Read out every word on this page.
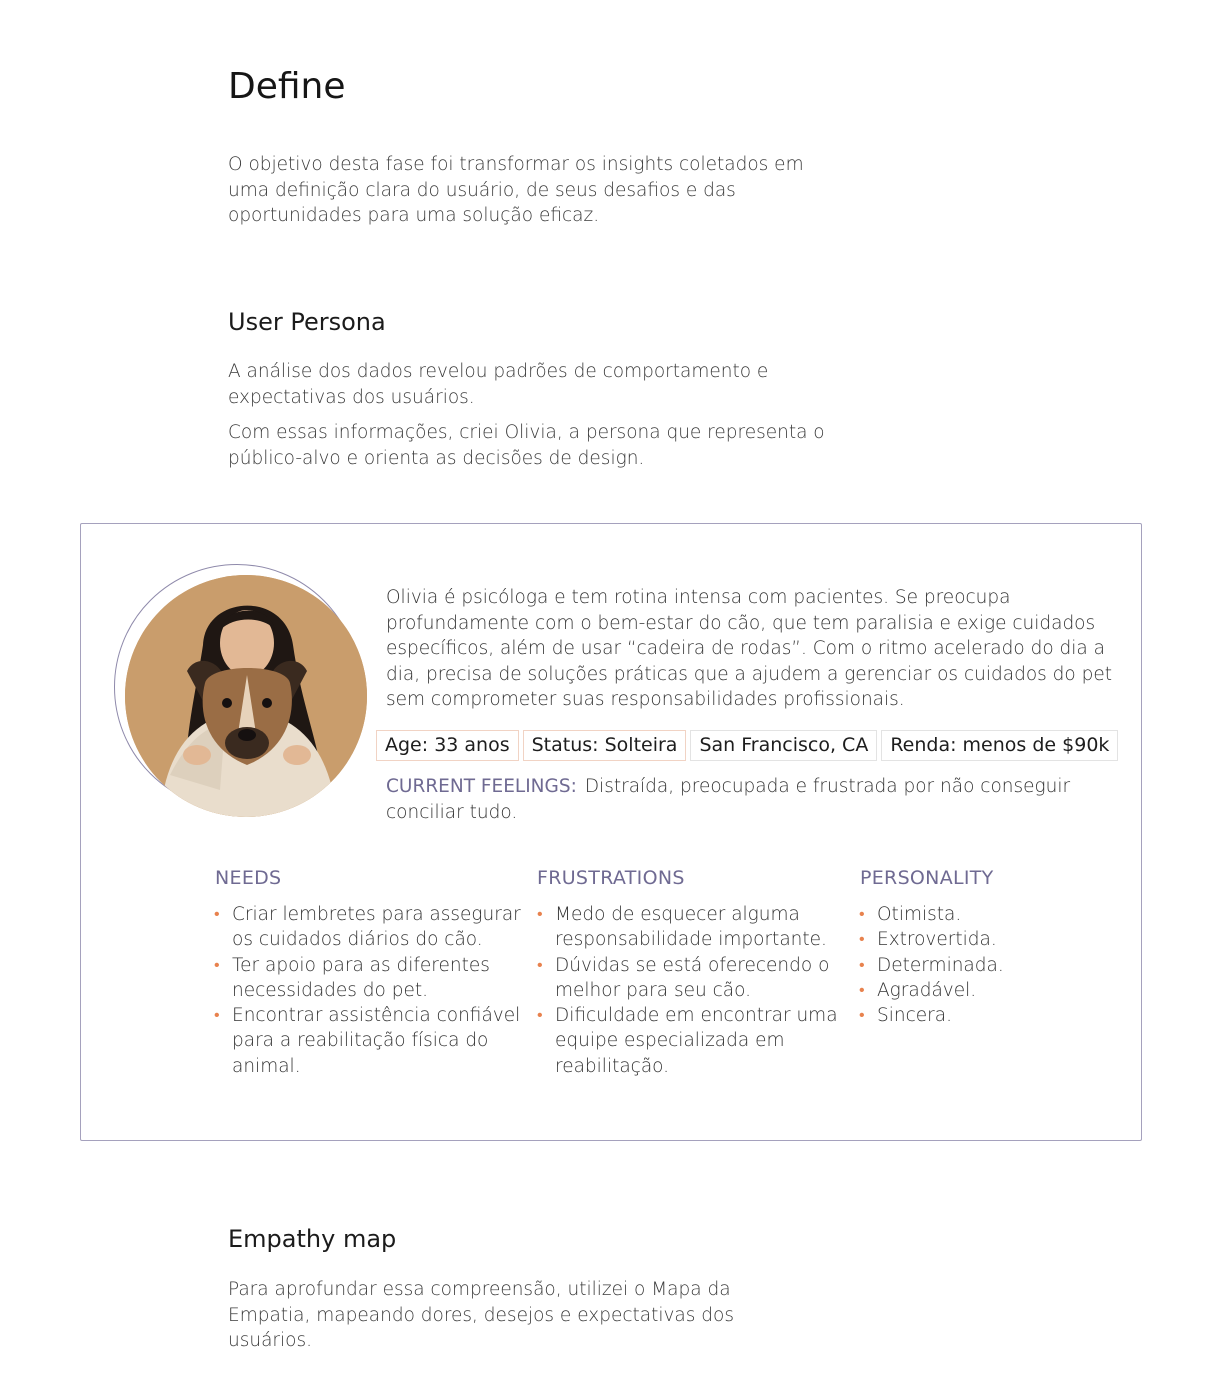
Define

O objetivo desta fase foi transformar os insights coletados em uma definição clara do usuário, de seus desafios e das oportunidades para uma solução eficaz.

User Persona

A análise dos dados revelou padrões de comportamento e expectativas dos usuários.

Com essas informações, criei Olivia, a persona que representa o público-alvo e orienta as decisões de design.

Olivia é psicóloga e tem rotina intensa com pacientes. Se preocupa profundamente com o bem-estar do cão, que tem paralisia e exige cuidados específicos, além de usar “cadeira de rodas”. Com o ritmo acelerado do dia a dia, precisa de soluções práticas que a ajudem a gerenciar os cuidados do pet sem comprometer suas responsabilidades profissionais.

Age: 33 anos	Status: Solteira	San Francisco, CA	Renda: menos de $90k

CURRENT FEELINGS: Distraída, preocupada e frustrada por não conseguir conciliar tudo.

NEEDS
• Criar lembretes para assegurar os cuidados diários do cão.
• Ter apoio para as diferentes necessidades do pet.
• Encontrar assistência confiável para a reabilitação física do animal.
FRUSTRATIONS
• Medo de esquecer alguma responsabilidade importante.
• Dúvidas se está oferecendo o melhor para seu cão.
• Dificuldade em encontrar uma equipe especializada em reabilitação.
PERSONALITY
• Otimista.
• Extrovertida.
• Determinada.
• Agradável.
• Sincera.
Empathy map

Para aprofundar essa compreensão, utilizei o Mapa da Empatia, mapeando dores, desejos e expectativas dos usuários.
